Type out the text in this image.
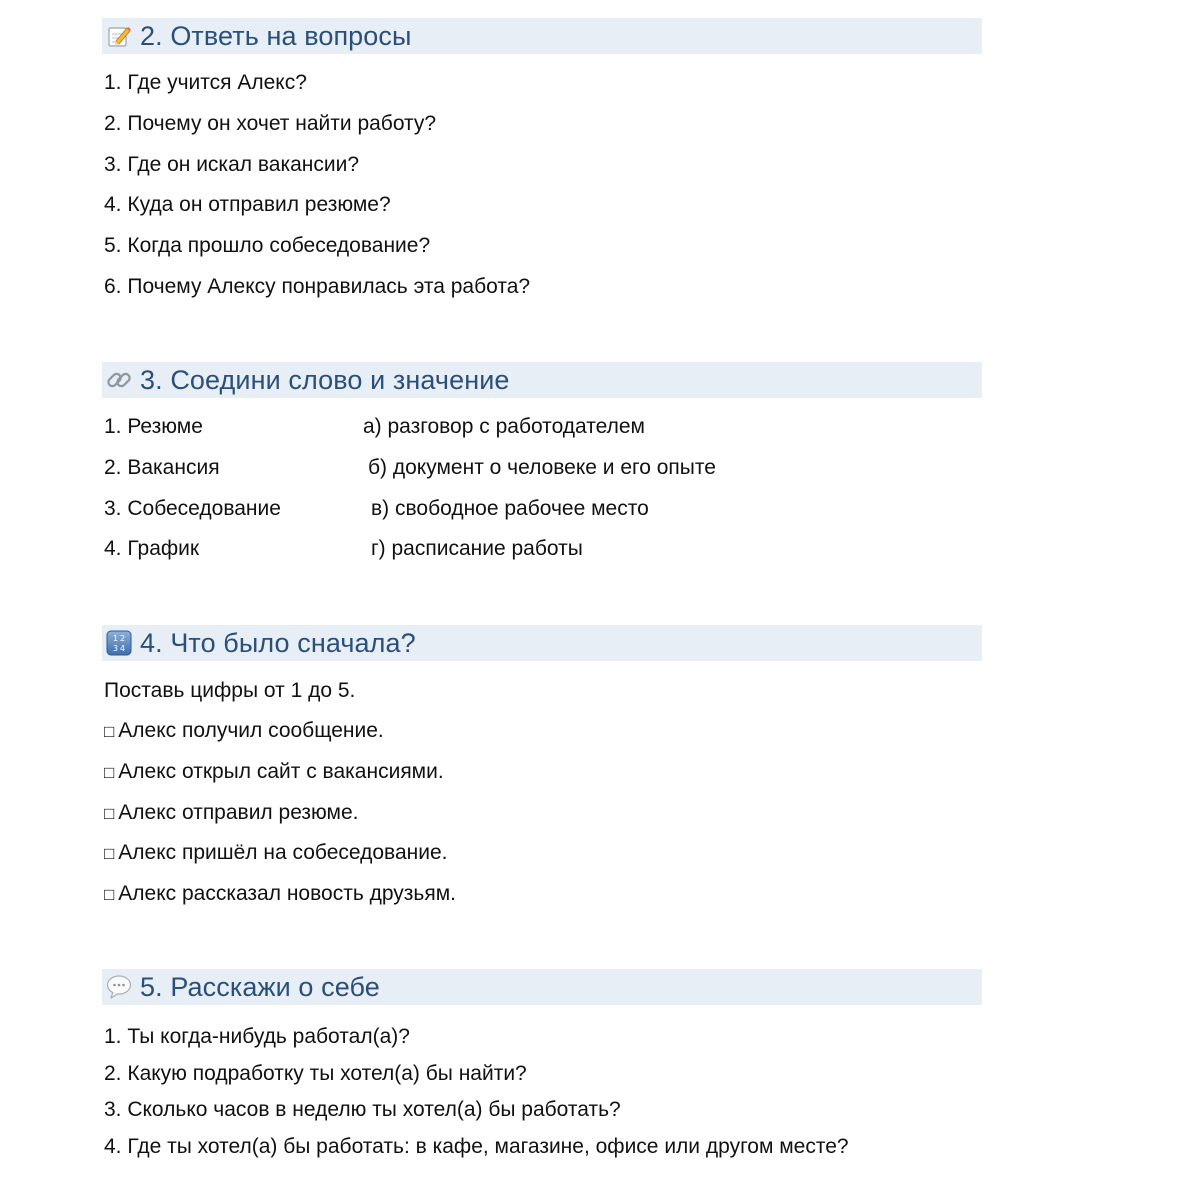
2. Ответь на вопросы
1. Где учится Алекс?
2. Почему он хочет найти работу?
3. Где он искал вакансии?
4. Куда он отправил резюме?
5. Когда прошло собеседование?
6. Почему Алексу понравилась эта работа?
3. Соедини слово и значение
1. Резюме
2. Вакансия
3. Собеседование
4. График
а) разговор с работодателем
б) документ о человеке и его опыте
в) свободное рабочее место
г) расписание работы
1 2
3 4 4. Что было сначала?
Поставь цифры от 1 до 5.
□ Алекс получил сообщение.
□ Алекс открыл сайт с вакансиями.
□ Алекс отправил резюме.
□ Алекс пришёл на собеседование.
□ Алекс рассказал новость друзьям.
5. Расскажи о себе
1. Ты когда-нибудь работал(а)?
2. Какую подработку ты хотел(а) бы найти?
3. Сколько часов в неделю ты хотел(а) бы работать?
4. Где ты хотел(а) бы работать: в кафе, магазине, офисе или другом месте?
